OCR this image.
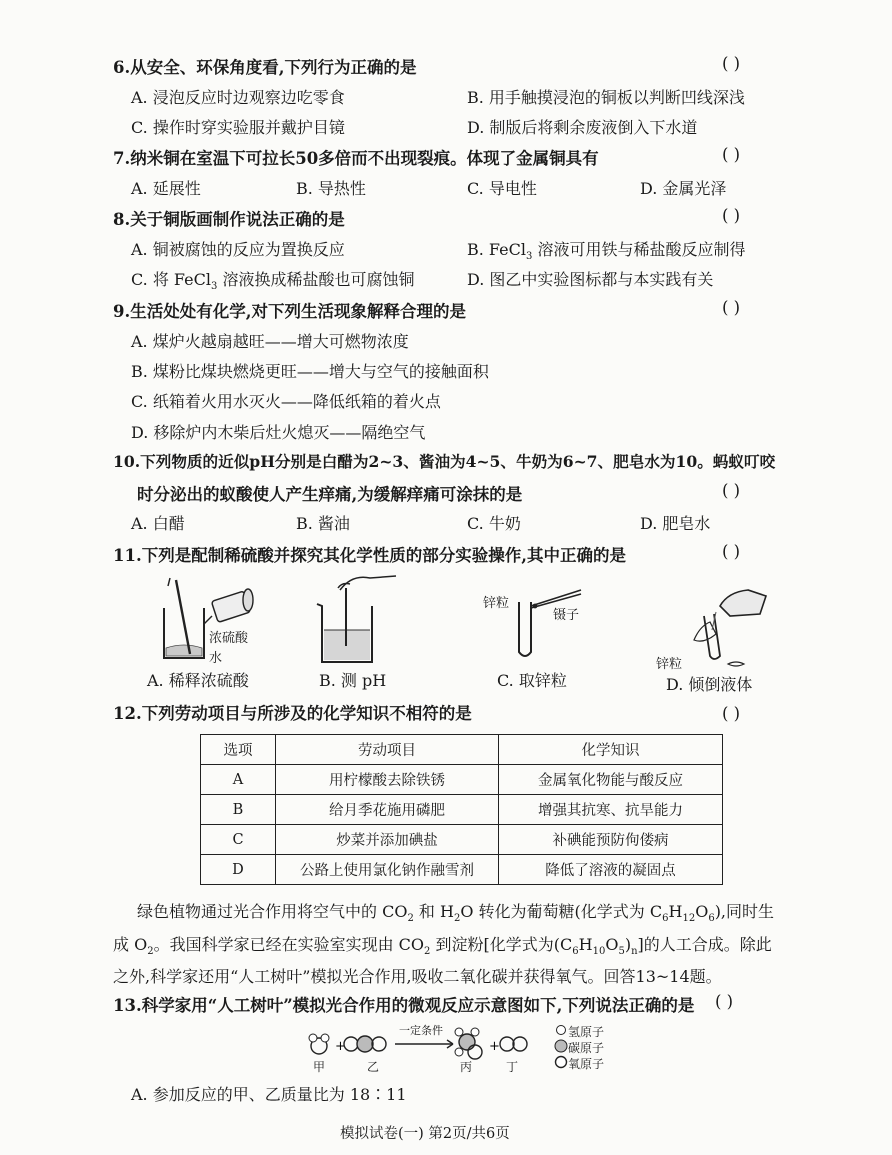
6.从安全、环保角度看,下列行为正确的是	( )
A. 浸泡反应时边观察边吃零食	B. 用手触摸浸泡的铜板以判断凹线深浅
C. 操作时穿实验服并戴护目镜	D. 制版后将剩余废液倒入下水道
7.纳米铜在室温下可拉长50多倍而不出现裂痕。体现了金属铜具有	( )
A. 延展性	B. 导热性	C. 导电性	D. 金属光泽
8.关于铜版画制作说法正确的是	( )
A. 铜被腐蚀的反应为置换反应	B. FeCl$_3$ 溶液可用铁与稀盐酸反应制得
C. 将 FeCl$_3$ 溶液换成稀盐酸也可腐蚀铜	D. 图乙中实验图标都与本实践有关
9.生活处处有化学,对下列生活现象解释合理的是	( )
A. 煤炉火越扇越旺——增大可燃物浓度
B. 煤粉比煤块燃烧更旺——增大与空气的接触面积
C. 纸箱着火用水灭火——降低纸箱的着火点
D. 移除炉内木柴后灶火熄灭——隔绝空气
10.下列物质的近似pH分别是白醋为2~3、酱油为4~5、牛奶为6~7、肥皂水为10。蚂蚁叮咬
时分泌出的蚁酸使人产生痒痛,为缓解痒痛可涂抹的是	( )
A. 白醋	B. 酱油	C. 牛奶	D. 肥皂水
11.下列是配制稀硫酸并探究其化学性质的部分实验操作,其中正确的是	( )
浓硫酸
水
锌粒
镊子
锌粒
A. 稀释浓硫酸	B. 测 pH	C. 取锌粒	D. 倾倒液体
12.下列劳动项目与所涉及的化学知识不相符的是	( )
选项	劳动项目	化学知识
A	用柠檬酸去除铁锈	金属氧化物能与酸反应
B	给月季花施用磷肥	增强其抗寒、抗旱能力
C	炒菜并添加碘盐	补碘能预防佝偻病
D	公路上使用氯化钠作融雪剂	降低了溶液的凝固点
绿色植物通过光合作用将空气中的 $CO_2$ 和 $H_2O$ 转化为葡萄糖(化学式为 $C_6H_{12}O_6$),同时生
成 $O_2$。我国科学家已经在实验室实现由 $CO_2$ 到淀粉[化学式为$(C_6H_{10}O_5)_n$]的人工合成。除此
之外,科学家还用“人工树叶”模拟光合作用,吸收二氧化碳并获得氧气。回答13~14题。
13.科学家用“人工树叶”模拟光合作用的微观反应示意图如下,下列说法正确的是 ( )
+	+
一定条件
甲	乙	丙	丁
氢原子
碳原子
氧原子
A. 参加反应的甲、乙质量比为 18∶11
模拟试卷(一) 第2页/共6页
